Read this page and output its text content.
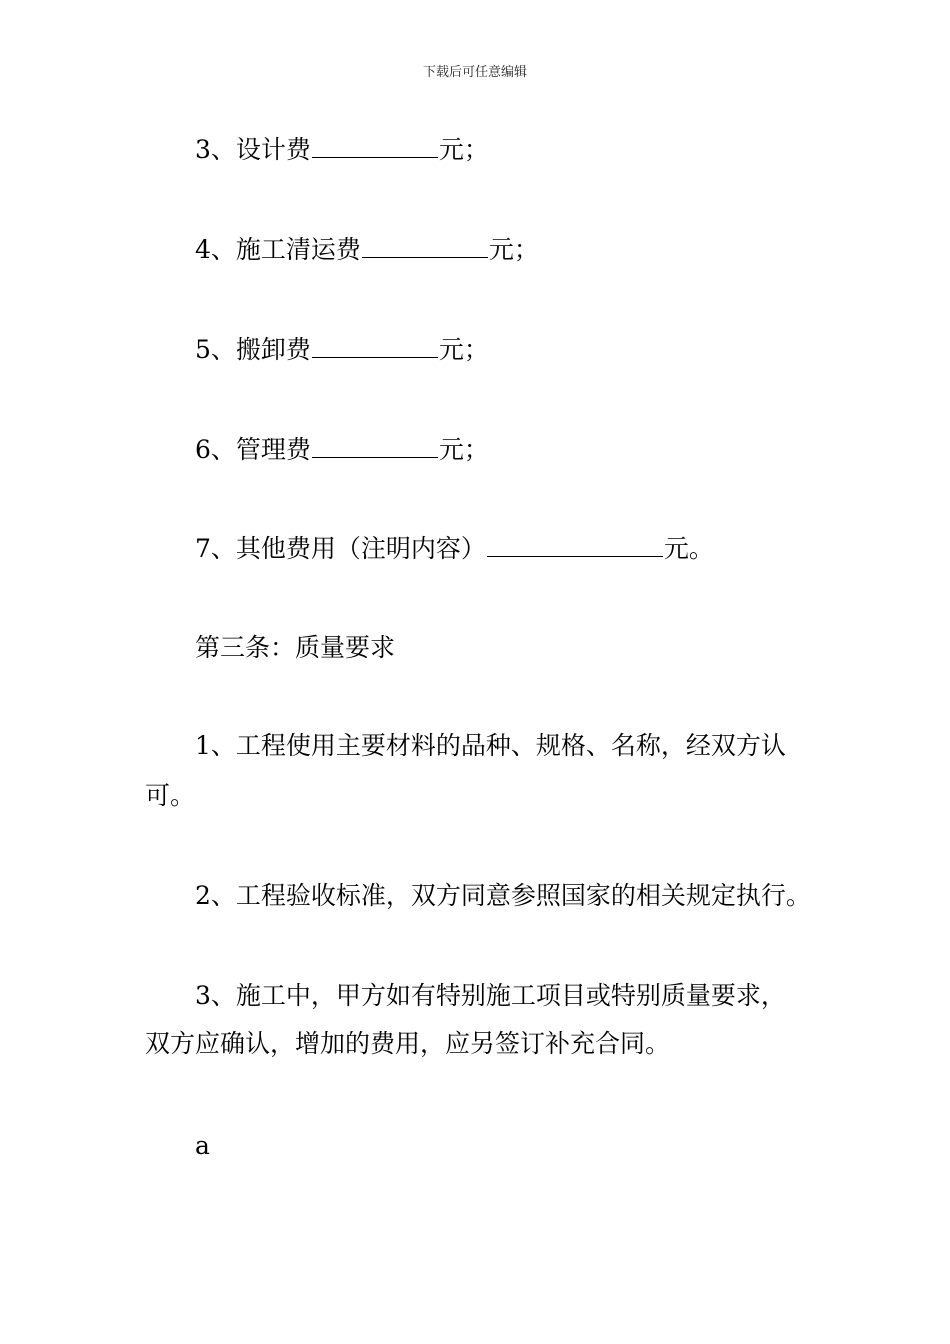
下载后可任意编辑
3、设计费	元；
4、施工清运费	元；
5、搬卸费	元；
6、管理费	元；
7、其他费用（注明内容）	元。
第三条：质量要求
1、工程使用主要材料的品种、规格、名称，经双方认
可。
2、工程验收标准，双方同意参照国家的相关规定执行。
3、施工中，甲方如有特别施工项目或特别质量要求，
双方应确认，增加的费用，应另签订补充合同。
a
